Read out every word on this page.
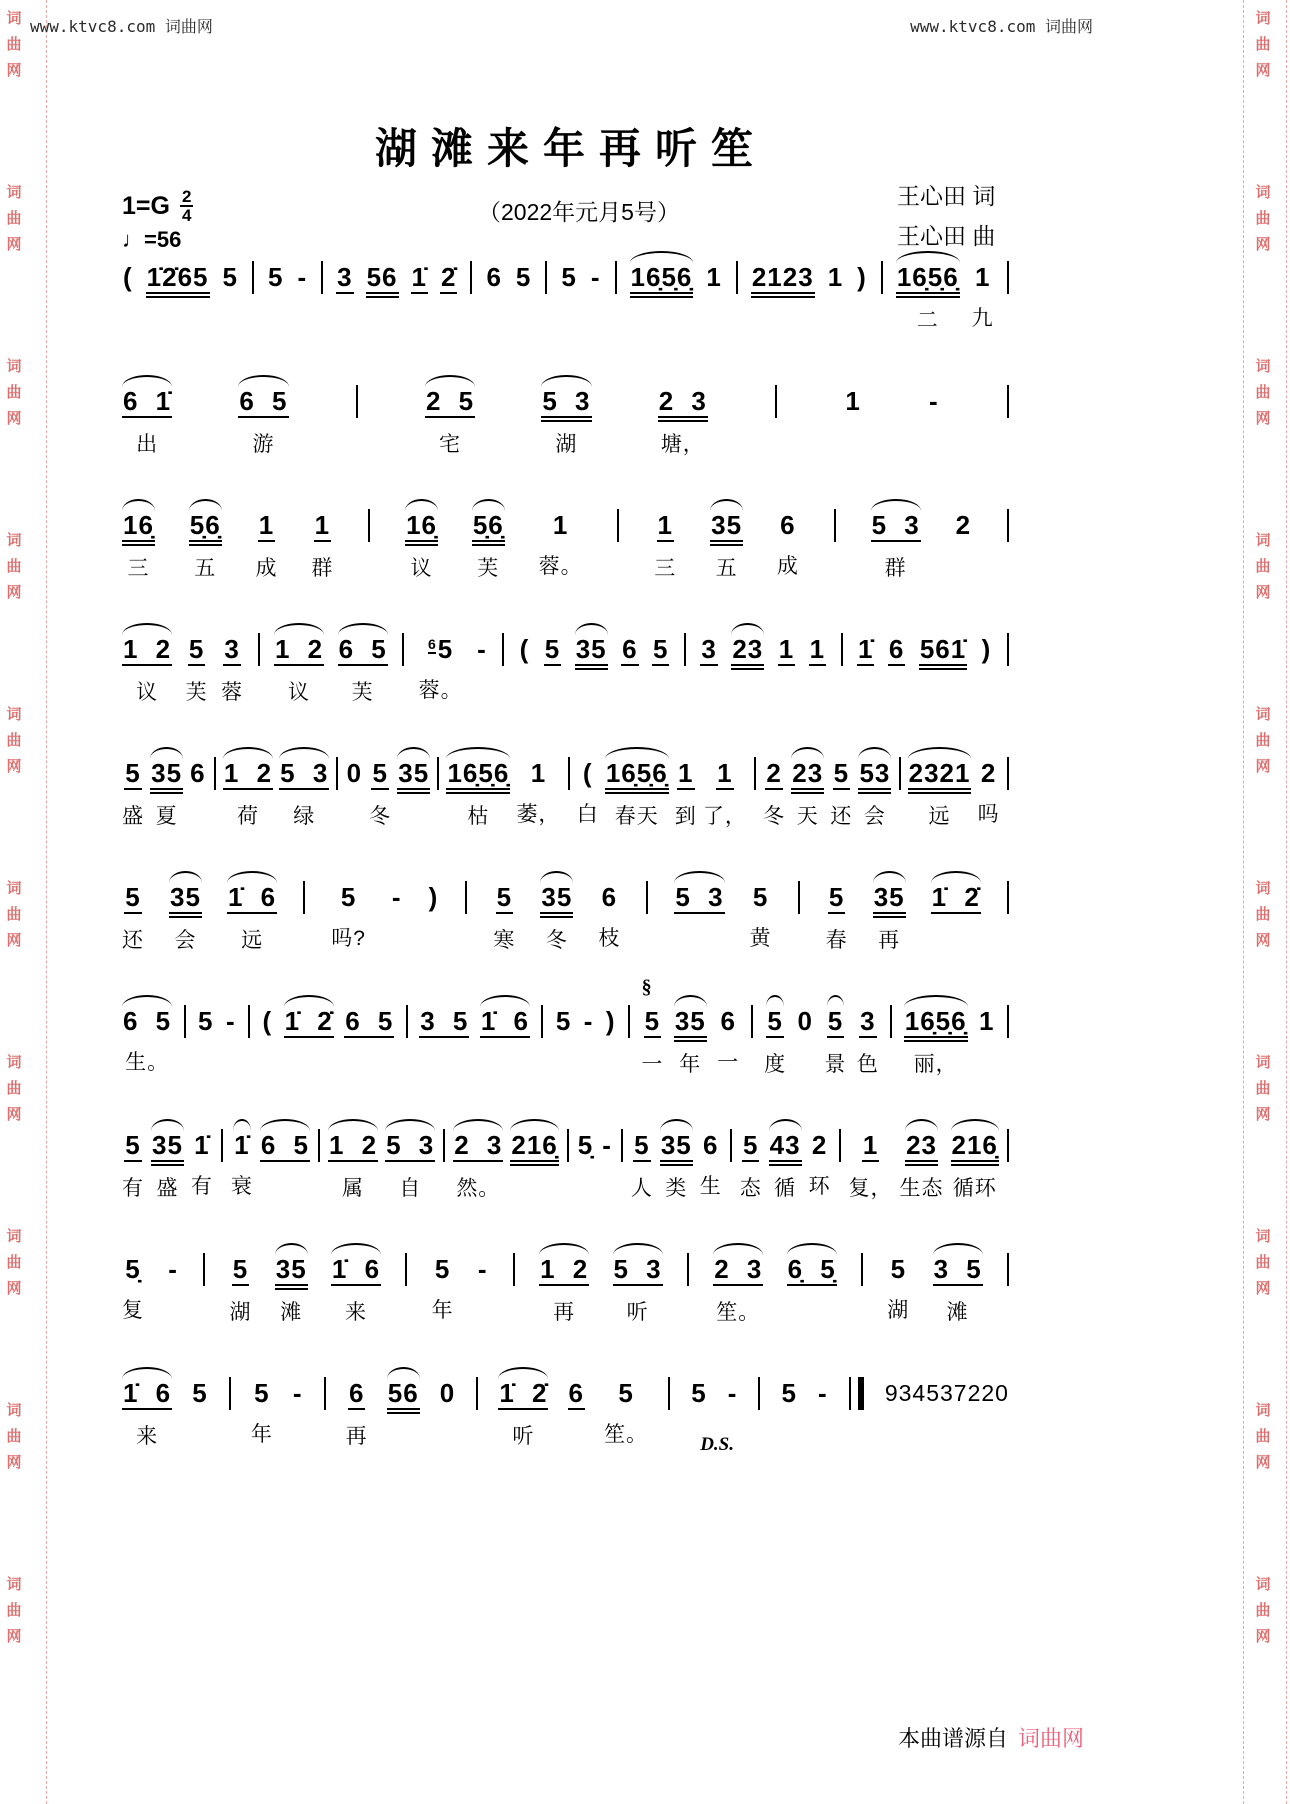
词
曲
网
词
曲
网
词
曲
网
词
曲
网
词
曲
网
词
曲
网
词
曲
网
词
曲
网
词
曲
网
词
曲
网
词
曲
网
词
曲
网
词
曲
网
词
曲
网
词
曲
网
词
曲
网
词
曲
网
词
曲
网
词
曲
网
词
曲
网
www.ktvc8.com 词曲网	www.ktvc8.com 词曲网
湖滩来年再听笙
（2022年元月5号）
王心田 词
王心田 曲
$1=G \frac{2}{4}$
♩=56
( 1̇2̇65 5 5 - 3 56 1̇ 2̇ 6 5 5 - 16̣5̣6̣ 1 2123 1 ) 16̣5̣6̣
二
1
九
6 1̇
出
6 5
游
2 5
宅
5 3
湖
2 3
塘，
1	-
16̣
三
5̣6̣
五
1
成
1
群
16̣
议
5̣6̣
芙
1
蓉。
1
三
35
五
6
成
5 3
群
2
1 2
议
5
芙
3
蓉
1 2
议
6 5
芙
$^6$5
蓉。
- ( 5 35 6 5 3 23 1 1 1̇ 6 561̇ )
5
盛
35
夏
6 1 2
荷
5 3
绿
0 5
冬
35 16̣5̣6̣
枯
1
萎，
(
白
16̣5̣6̣
春天
1
到
1
了，
2
冬
23
天
5
还
53
会
2321
远
2
吗
5
还
35
会
1̇ 6
远
5
吗?
- ) 5
寒
35
冬
6
枝
5 3 5
黄
5
春
35
再
1̇ 2̇
6 5
生。
5 - ( 1̇ 2̇ 6 5 3 5 1̇ 6 5 - ) 5
§
一
35
年
6
一
5
度
0 5
景
3
色
16̣5̣6̣
丽，
1
5
有
35
盛
1̇
有
1̇
衰
6 5 1 2
属
5 3
自
2 3
然。
216̣ 5̣ - 5
人
35
类
6
生
5
态
43
循
2
环
1
复，
23
生态
216̣
循环
5̣
复
- 5
湖
35
滩
1̇ 6
来
5
年
- 1 2
再
5 3
听
2 3
笙。
6̣ 5̣ 5
湖
3 5
滩
1̇ 6
来
5 5
年
- 6
再
56 0 1̇ 2̇
听
6 5
笙。	D.S.
5 - 5 - 934537220
本曲谱源自 词曲网
